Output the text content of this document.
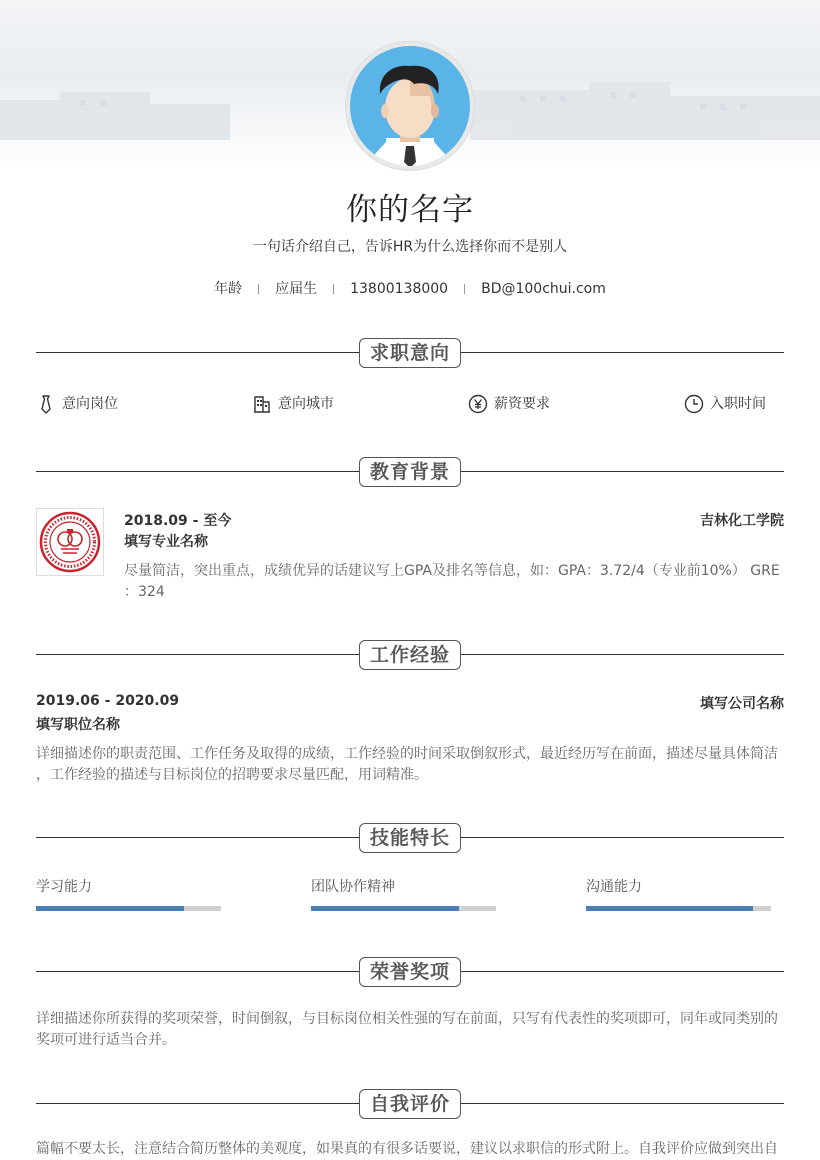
你的名字
一句话介绍自己，告诉HR为什么选择你而不是别人
年龄 应届生 13800138000 BD@100chui.com
求职意向
意向岗位	意向城市	薪资要求	入职时间
教育背景
2018.09 - 至今	吉林化工学院
填写专业名称
尽量简洁，突出重点，成绩优异的话建议写上GPA及排名等信息，如：GPA：3.72/4（专业前10%） GRE
：324
工作经验
2019.06 - 2020.09	填写公司名称
填写职位名称
详细描述你的职责范围、工作任务及取得的成绩，工作经验的时间采取倒叙形式，最近经历写在前面，描述尽量具体简洁
，工作经验的描述与目标岗位的招聘要求尽量匹配，用词精准。
技能特长
学习能力	团队协作精神	沟通能力
荣誉奖项
详细描述你所获得的奖项荣誉，时间倒叙，与目标岗位相关性强的写在前面，只写有代表性的奖项即可，同年或同类别的
奖项可进行适当合并。
自我评价
篇幅不要太长，注意结合简历整体的美观度，如果真的有很多话要说，建议以求职信的形式附上。自我评价应做到突出自
